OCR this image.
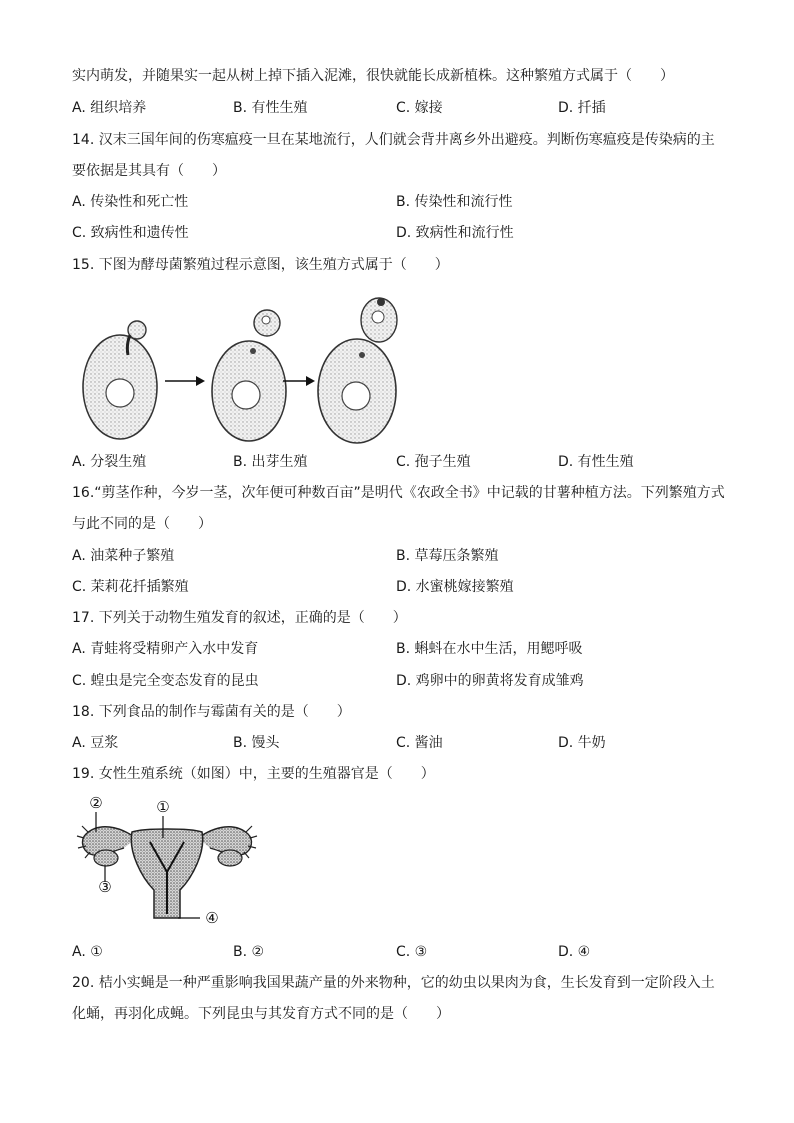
实内萌发，并随果实一起从树上掉下插入泥滩，很快就能长成新植株。这种繁殖方式属于（　　）
A. 组织培养	B. 有性生殖	C. 嫁接	D. 扦插
14. 汉末三国年间的伤寒瘟疫一旦在某地流行，人们就会背井离乡外出避疫。判断伤寒瘟疫是传染病的主
要依据是其具有（　　）
A. 传染性和死亡性	B. 传染性和流行性
C. 致病性和遗传性	D. 致病性和流行性
15. 下图为酵母菌繁殖过程示意图，该生殖方式属于（　　）
A. 分裂生殖	B. 出芽生殖	C. 孢子生殖	D. 有性生殖
16.“剪茎作种，今岁一茎，次年便可种数百亩”是明代《农政全书》中记载的甘薯种植方法。下列繁殖方式
与此不同的是（　　）
A. 油菜种子繁殖	B. 草莓压条繁殖
C. 茉莉花扦插繁殖	D. 水蜜桃嫁接繁殖
17. 下列关于动物生殖发育的叙述，正确的是（　　）
A. 青蛙将受精卵产入水中发育	B. 蝌蚪在水中生活，用鳃呼吸
C. 蝗虫是完全变态发育的昆虫	D. 鸡卵中的卵黄将发育成雏鸡
18. 下列食品的制作与霉菌有关的是（　　）
A. 豆浆	B. 馒头	C. 酱油	D. 牛奶
19. 女性生殖系统（如图）中，主要的生殖器官是（　　）
②	①
③
④
A. ①	B. ②	C. ③	D. ④
20. 桔小实蝇是一种严重影响我国果蔬产量的外来物种，它的幼虫以果肉为食，生长发育到一定阶段入土
化蛹，再羽化成蝇。下列昆虫与其发育方式不同的是（　　）
